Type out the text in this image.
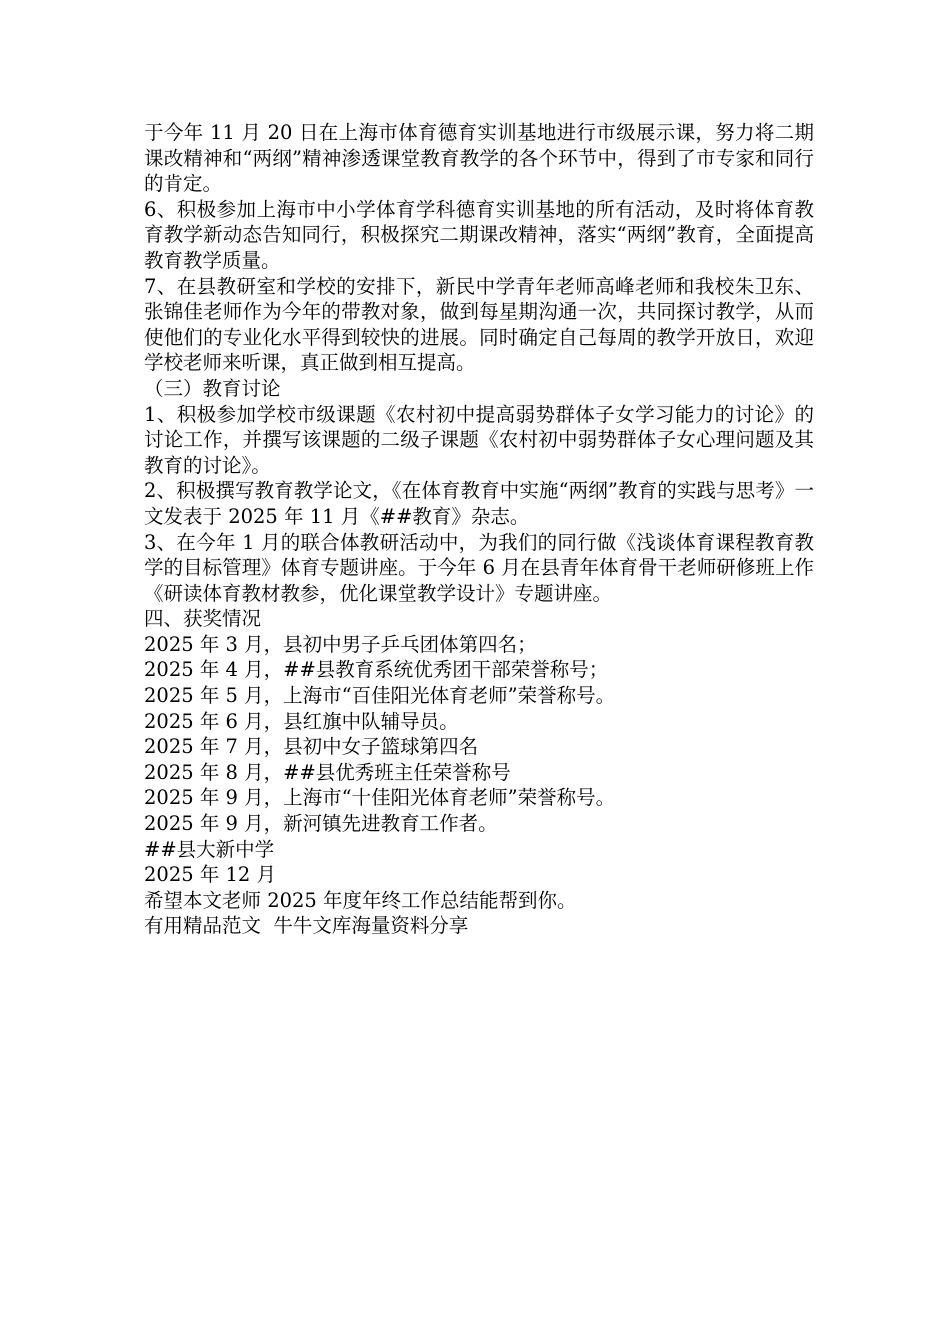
于今年 11 月 20 日在上海市体育德育实训基地进行市级展示课，努力将二期课改精神和“两纲”精神渗透课堂教育教学的各个环节中，得到了市专家和同行的肯定。

6、积极参加上海市中小学体育学科德育实训基地的所有活动，及时将体育教育教学新动态告知同行，积极探究二期课改精神，落实“两纲”教育，全面提高教育教学质量。

7、在县教研室和学校的安排下，新民中学青年老师高峰老师和我校朱卫东、张锦佳老师作为今年的带教对象，做到每星期沟通一次，共同探讨教学，从而使他们的专业化水平得到较快的进展。同时确定自己每周的教学开放日，欢迎学校老师来听课，真正做到相互提高。

（三）教育讨论

1、积极参加学校市级课题《农村初中提高弱势群体子女学习能力的讨论》的讨论工作，并撰写该课题的二级子课题《农村初中弱势群体子女心理问题及其教育的讨论》。

2、积极撰写教育教学论文，《在体育教育中实施“两纲”教育的实践与思考》一文发表于 2025 年 11 月《##教育》杂志。

3、在今年 1 月的联合体教研活动中，为我们的同行做《浅谈体育课程教育教学的目标管理》体育专题讲座。于今年 6 月在县青年体育骨干老师研修班上作《研读体育教材教参，优化课堂教学设计》专题讲座。

四、获奖情况

2025 年 3 月，县初中男子乒乓团体第四名；

2025 年 4 月，##县教育系统优秀团干部荣誉称号；

2025 年 5 月，上海市“百佳阳光体育老师”荣誉称号。

2025 年 6 月，县红旗中队辅导员。

2025 年 7 月，县初中女子篮球第四名

2025 年 8 月，##县优秀班主任荣誉称号

2025 年 9 月，上海市“十佳阳光体育老师”荣誉称号。

2025 年 9 月，新河镇先进教育工作者。

##县大新中学

2025 年 12 月

希望本文老师 2025 年度年终工作总结能帮到你。

有用精品范文  牛牛文库海量资料分享
